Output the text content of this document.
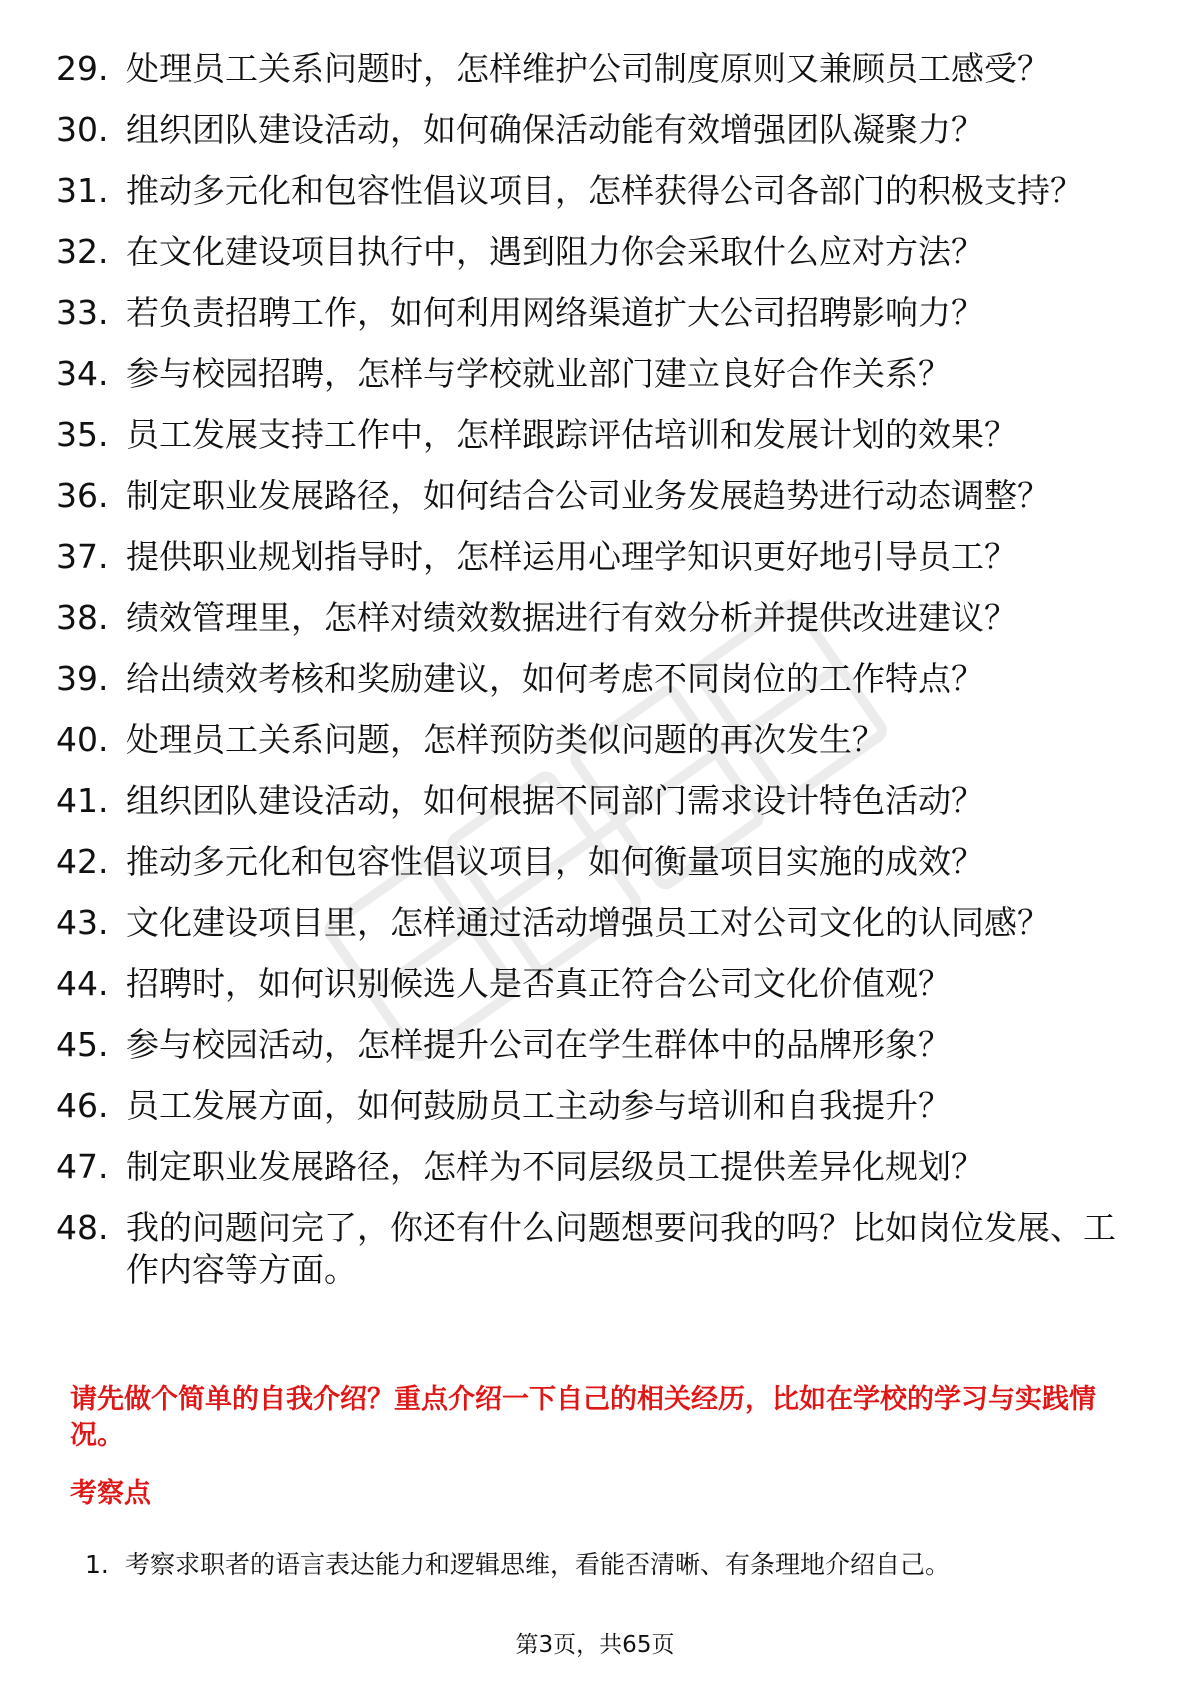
29. 处理员工关系问题时，怎样维护公司制度原则又兼顾员工感受？
30. 组织团队建设活动，如何确保活动能有效增强团队凝聚力？
31. 推动多元化和包容性倡议项目，怎样获得公司各部门的积极支持？
32. 在文化建设项目执行中，遇到阻力你会采取什么应对方法？
33. 若负责招聘工作，如何利用网络渠道扩大公司招聘影响力？
34. 参与校园招聘，怎样与学校就业部门建立良好合作关系？
35. 员工发展支持工作中，怎样跟踪评估培训和发展计划的效果？
36. 制定职业发展路径，如何结合公司业务发展趋势进行动态调整？
37. 提供职业规划指导时，怎样运用心理学知识更好地引导员工？
38. 绩效管理里，怎样对绩效数据进行有效分析并提供改进建议？
39. 给出绩效考核和奖励建议，如何考虑不同岗位的工作特点？
40. 处理员工关系问题，怎样预防类似问题的再次发生？
41. 组织团队建设活动，如何根据不同部门需求设计特色活动？
42. 推动多元化和包容性倡议项目，如何衡量项目实施的成效？
43. 文化建设项目里，怎样通过活动增强员工对公司文化的认同感？
44. 招聘时，如何识别候选人是否真正符合公司文化价值观？
45. 参与校园活动，怎样提升公司在学生群体中的品牌形象？
46. 员工发展方面，如何鼓励员工主动参与培训和自我提升？
47. 制定职业发展路径，怎样为不同层级员工提供差异化规划？
48. 我的问题问完了，你还有什么问题想要问我的吗？比如岗位发展、工作内容等方面。
请先做个简单的自我介绍？重点介绍一下自己的相关经历，比如在学校的学习与实践情况。
考察点
1. 考察求职者的语言表达能力和逻辑思维，看能否清晰、有条理地介绍自己。
第3页，共65页
